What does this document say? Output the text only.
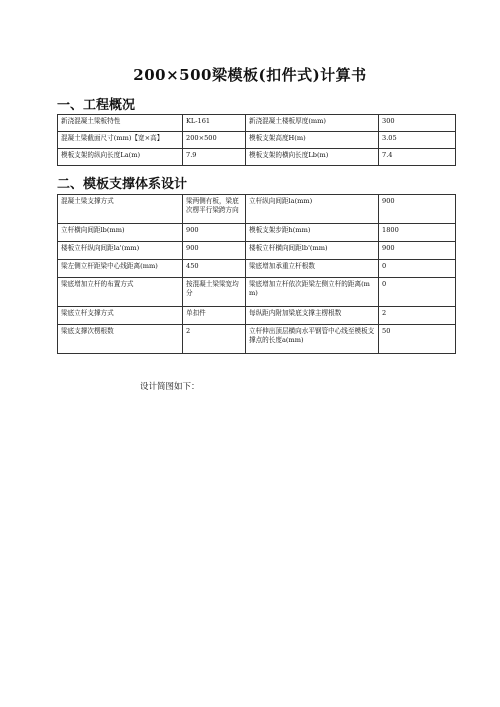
200×500梁模板(扣件式)计算书
一、工程概况
新浇混凝土梁板特性	KL-161	新浇混凝土楼板厚度(mm)	300
混凝土梁截面尺寸(mm)【宽×高】	200×500	模板支架高度H(m)	3.05
模板支架的纵向长度La(m)	7.9	模板支架的横向长度Lb(m)	7.4
二、模板支撑体系设计
混凝土梁支撑方式	梁两侧有板，梁底次楞平行梁跨方向	立杆纵向间距la(mm)	900
立杆横向间距lb(mm)	900	模板支架步距h(mm)	1800
楼板立杆纵向间距la'(mm)	900	楼板立杆横向间距lb'(mm)	900
梁左侧立杆距梁中心线距离(mm)	450	梁底增加承重立杆根数	0
梁底增加立杆的布置方式	按混凝土梁梁宽均分	梁底增加立杆依次距梁左侧立杆的距离(mm)	0
梁底立杆支撑方式	单扣件	每纵距内附加梁底支撑主楞根数	2
梁底支撑次楞根数	2	立杆伸出顶层横向水平钢管中心线至模板支撑点的长度a(mm)	50
设计简图如下：
